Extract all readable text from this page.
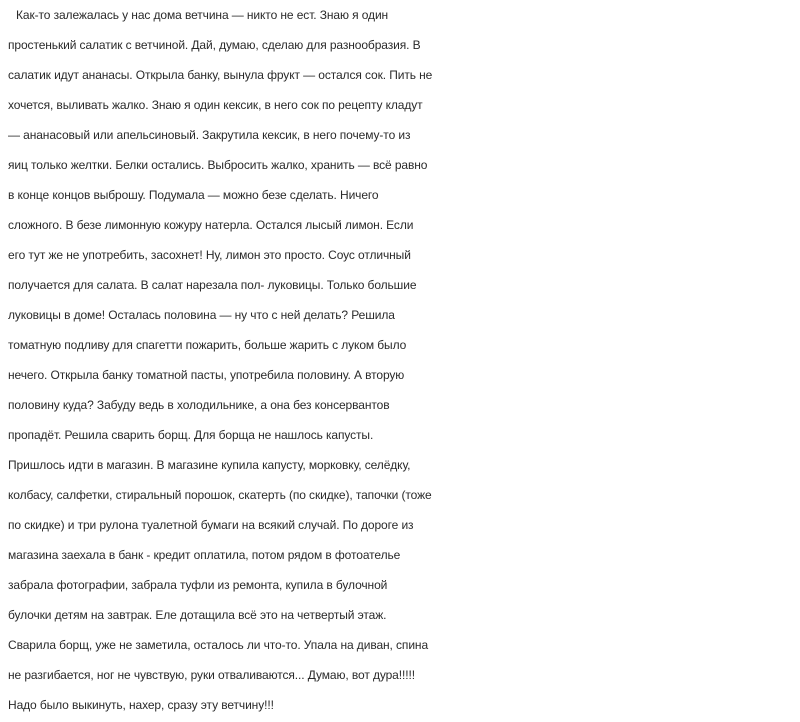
Как-то залежалась у нас дома ветчина — никто не ест. Знаю я один
простенький салатик с ветчиной. Дай, думаю, сделаю для разнообразия. В
салатик идут ананасы. Открыла банку, вынула фрукт — остался сок. Пить не
хочется, выливать жалко. Знаю я один кексик, в него сок по рецепту кладут
— ананасовый или апельсиновый. Закрутила кексик, в него почему-то из
яиц только желтки. Белки остались. Выбросить жалко, хранить — всё равно
в конце концов выброшу. Подумала — можно безе сделать. Ничего
сложного. В безе лимонную кожуру натерла. Остался лысый лимон. Если
его тут же не употребить, засохнет! Ну, лимон это просто. Соус отличный
получается для салата. В салат нарезала пол- луковицы. Только большие
луковицы в доме! Осталась половина — ну что с ней делать? Решила
томатную подливу для спагетти пожарить, больше жарить с луком было
нечего. Открыла банку томатной пасты, употребила половину. А вторую
половину куда? Забуду ведь в холодильнике, а она без консервантов
пропадёт. Решила сварить борщ. Для борща не нашлось капусты.
Пришлось идти в магазин. В магазине купила капусту, морковку, селёдку,
колбасу, салфетки, стиральный порошок, скатерть (по скидке), тапочки (тоже
по скидке) и три рулона туалетной бумаги на всякий случай. По дороге из
магазина заехала в банк - кредит оплатила, потом рядом в фотоателье
забрала фотографии, забрала туфли из ремонта, купила в булочной
булочки детям на завтрак. Еле дотащила всё это на четвертый этаж.
Сварила борщ, уже не заметила, осталось ли что-то. Упала на диван, спина
не разгибается, ног не чувствую, руки отваливаются... Думаю, вот дура!!!!!
Надо было выкинуть, нахер, сразу эту ветчину!!!
